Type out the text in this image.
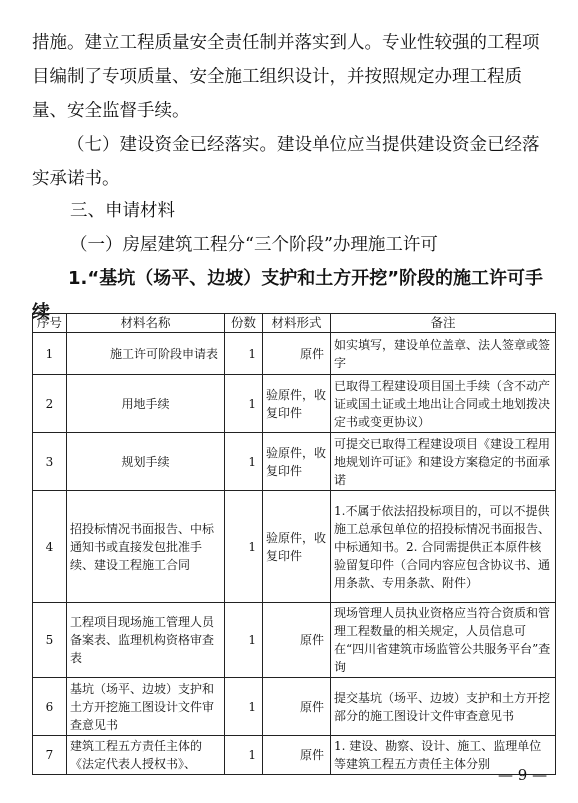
措施。建立工程质量安全责任制并落实到人。专业性较强的工程项目编制了专项质量、安全施工组织设计，并按照规定办理工程质量、安全监督手续。

（七）建设资金已经落实。建设单位应当提供建设资金已经落实承诺书。

三、申请材料

（一）房屋建筑工程分“三个阶段”办理施工许可

1.“基坑（场平、边坡）支护和土方开挖”阶段的施工许可手续

序号	材料名称	份数	材料形式	备注
1	施工许可阶段申请表	1	原件	如实填写，建设单位盖章、法人签章或签字
2	用地手续	1	验原件，收复印件	已取得工程建设项目国土手续（含不动产证或国土证或土地出让合同或土地划拨决定书或变更协议）
3	规划手续	1	验原件，收复印件	可提交已取得工程建设项目《建设工程用地规划许可证》和建设方案稳定的书面承诺
4	招投标情况书面报告、中标通知书或直接发包批准手续、建设工程施工合同	1	验原件，收复印件	1.不属于依法招投标项目的，可以不提供施工总承包单位的招投标情况书面报告、中标通知书。2. 合同需提供正本原件核验留复印件（合同内容应包含协议书、通用条款、专用条款、附件）
5	工程项目现场施工管理人员备案表、监理机构资格审查表	1	原件	现场管理人员执业资格应当符合资质和管理工程数量的相关规定，人员信息可在“四川省建筑市场监管公共服务平台”查询
6	基坑（场平、边坡）支护和土方开挖施工图设计文件审查意见书	1	原件	提交基坑（场平、边坡）支护和土方开挖部分的施工图设计文件审查意见书
7	建筑工程五方责任主体的《法定代表人授权书》、	1	原件	1. 建设、勘察、设计、施工、监理单位等建筑工程五方责任主体分别
— 9 —
